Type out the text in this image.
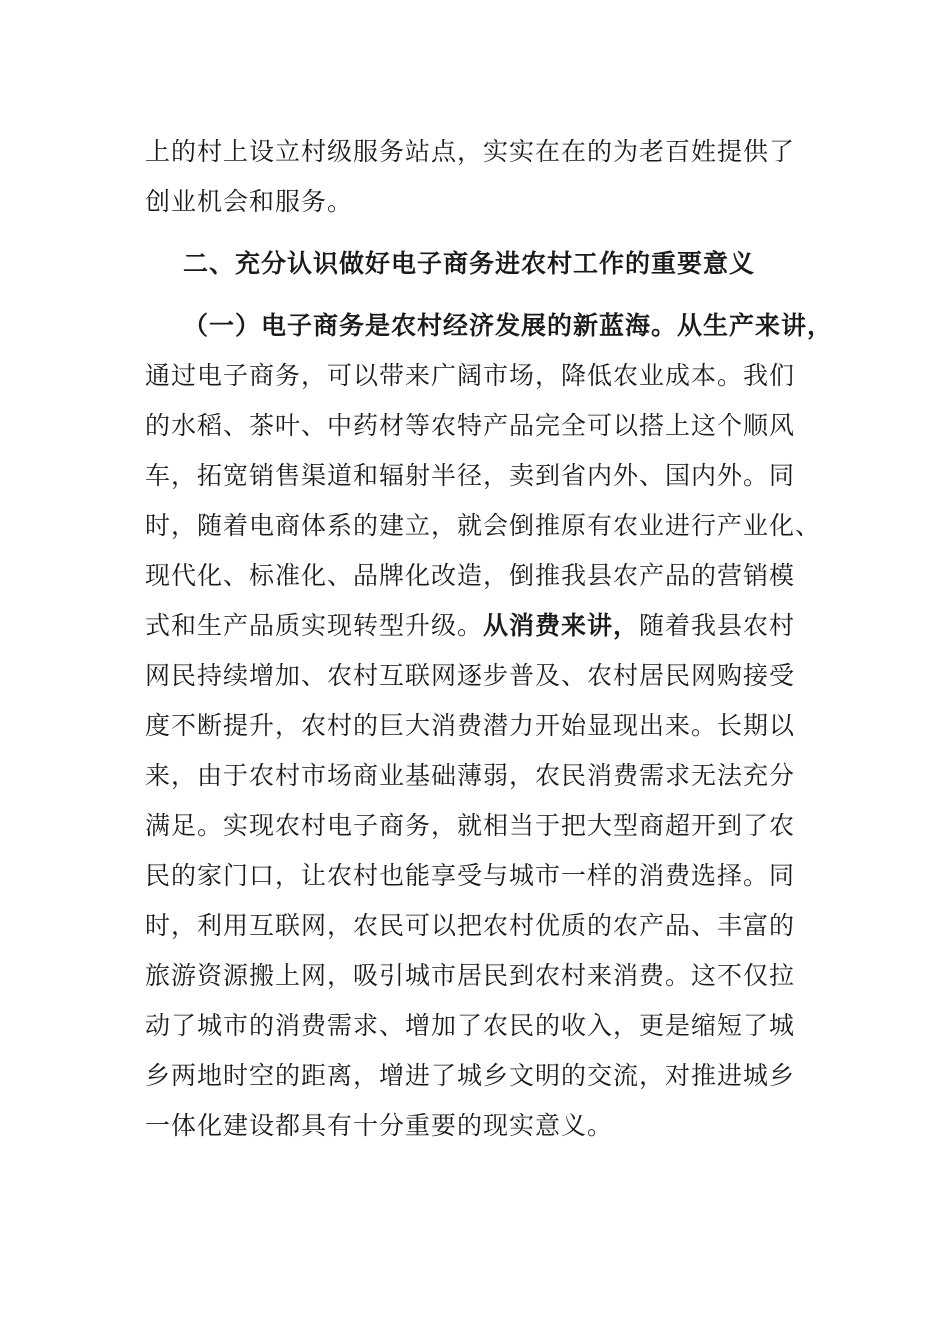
上的村上设立村级服务站点，实实在在的为老百姓提供了
创业机会和服务。
二、充分认识做好电子商务进农村工作的重要意义
（一）电子商务是农村经济发展的新蓝海。从生产来讲，
通过电子商务，可以带来广阔市场，降低农业成本。我们
的水稻、茶叶、中药材等农特产品完全可以搭上这个顺风
车，拓宽销售渠道和辐射半径，卖到省内外、国内外。同
时，随着电商体系的建立，就会倒推原有农业进行产业化、
现代化、标准化、品牌化改造，倒推我县农产品的营销模
式和生产品质实现转型升级。从消费来讲，随着我县农村
网民持续增加、农村互联网逐步普及、农村居民网购接受
度不断提升，农村的巨大消费潜力开始显现出来。长期以
来，由于农村市场商业基础薄弱，农民消费需求无法充分
满足。实现农村电子商务，就相当于把大型商超开到了农
民的家门口，让农村也能享受与城市一样的消费选择。同
时，利用互联网，农民可以把农村优质的农产品、丰富的
旅游资源搬上网，吸引城市居民到农村来消费。这不仅拉
动了城市的消费需求、增加了农民的收入，更是缩短了城
乡两地时空的距离，增进了城乡文明的交流，对推进城乡
一体化建设都具有十分重要的现实意义。
